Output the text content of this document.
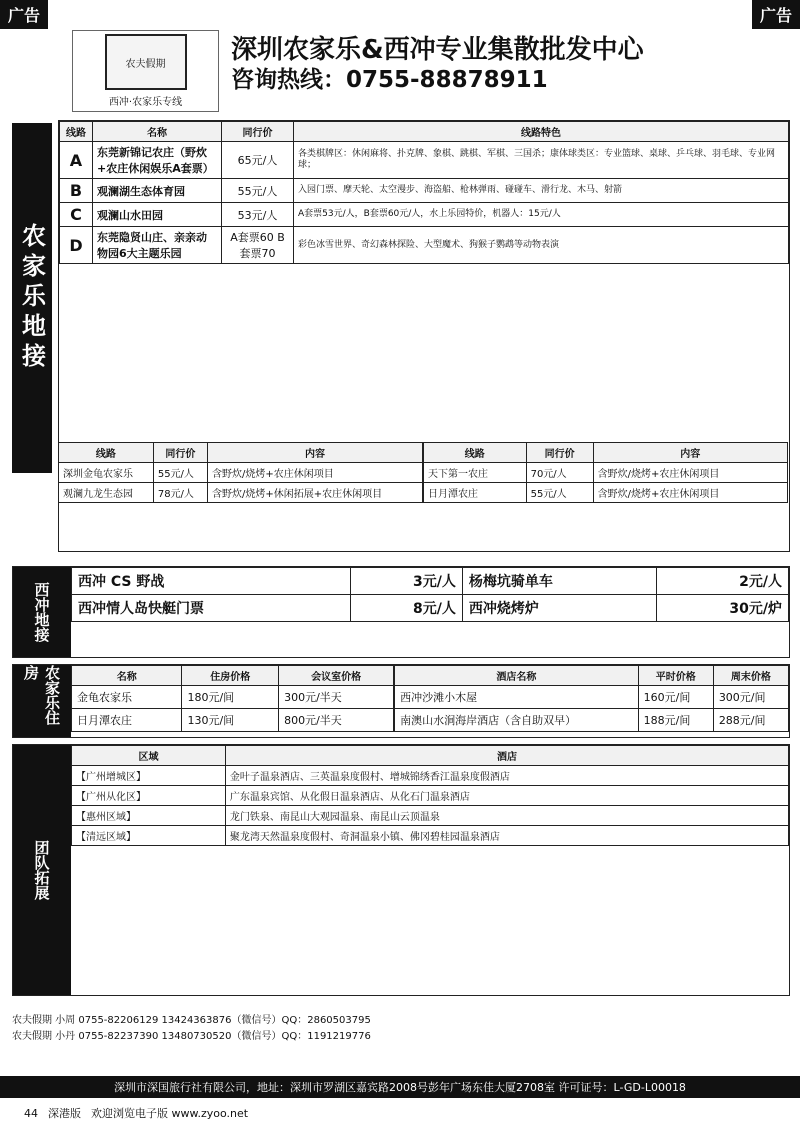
广告	广告
农夫假期
西冲·农家乐专线
深圳农家乐&西冲专业集散批发中心
咨询热线：0755-88878911
农家乐地接
线路	名称	同行价	线路特色
A	东莞新锦记农庄（野炊+农庄休闲娱乐A套票）	65元/人	各类棋牌区：休闲麻将、扑克牌、象棋、跳棋、军棋、三国杀；康体球类区：专业篮球、桌球、乒乓球、羽毛球、专业网球；
B	观澜湖生态体育园	55元/人	入园门票、摩天轮、太空漫步、海盗船、枪林弹雨、碰碰车、滑行龙、木马、射箭
C	观澜山水田园	53元/人	A套票53元/人，B套票60元/人，水上乐园特价，机器人：15元/人
D	东莞隐贤山庄、亲亲动物园6大主题乐园	A套票60 B套票70	彩色冰雪世界、奇幻森林探险、大型魔术、狗猴子鹦鹉等动物表演
线路	同行价	内容
深圳金龟农家乐	55元/人	含野炊/烧烤+农庄休闲项目
观澜九龙生态园	78元/人	含野炊/烧烤+休闲拓展+农庄休闲项目
线路	同行价	内容
天下第一农庄	70元/人	含野炊/烧烤+农庄休闲项目
日月潭农庄	55元/人	含野炊/烧烤+农庄休闲项目
西冲地接	西冲 CS 野战	3元/人	杨梅坑骑单车	2元/人
西冲情人岛快艇门票	8元/人	西冲烧烤炉	30元/炉
农家乐住房	名称	住房价格	会议室价格
金龟农家乐	180元/间	300元/半天
日月潭农庄	130元/间	800元/半天
酒店名称	平时价格	周末价格
西冲沙滩小木屋	160元/间	300元/间
南澳山水涧海岸酒店（含自助双早）	188元/间	288元/间
团队拓展
区域	酒店
【广州增城区】	金叶子温泉酒店、三英温泉度假村、增城锦绣香江温泉度假酒店
【广州从化区】	广东温泉宾馆、从化假日温泉酒店、从化石门温泉酒店
【惠州区域】	龙门铁泉、南昆山大观园温泉、南昆山云顶温泉
【清远区域】	聚龙湾天然温泉度假村、奇洞温泉小镇、佛冈碧桂园温泉酒店
农夫假期 小周 0755-82206129 13424363876（微信号）QQ：2860503795
农夫假期 小丹 0755-82237390 13480730520（微信号）QQ：1191219776
深圳市深国旅行社有限公司，地址：深圳市罗湖区嘉宾路2008号彭年广场东佳大厦2708室 许可证号：L-GD-L00018
44 深港版 欢迎浏览电子版 www.zyoo.net
